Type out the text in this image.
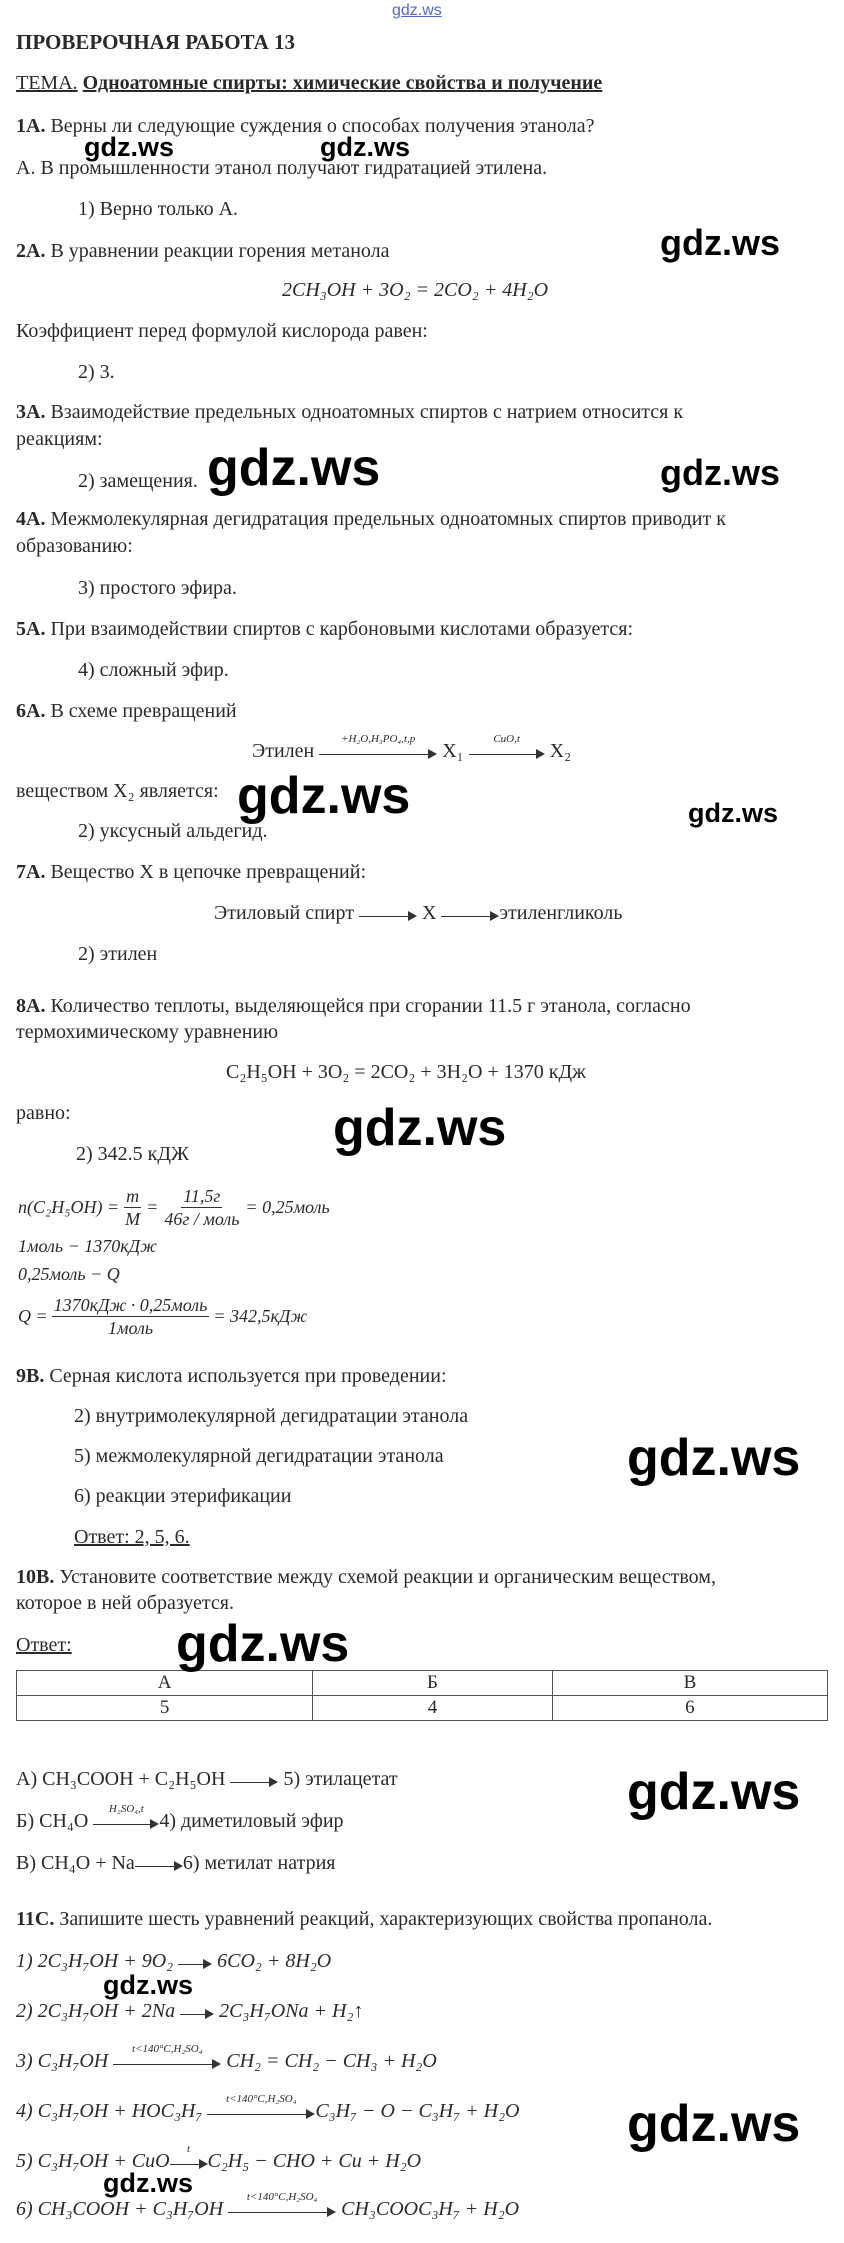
gdz.ws
ПРОВЕРОЧНАЯ РАБОТА 13
ТЕМА. Одноатомные спирты: химические свойства и получение
1А. Верны ли следующие суждения о способах получения этанола?
А. В промышленности этанол получают гидратацией этилена.
1) Верно только А.
2А. В уравнении реакции горения метанола
2CH₃OH + 3O₂ = 2CO₂ + 4H₂O
Коэффициент перед формулой кислорода равен:
2) 3.
3А. Взаимодействие предельных одноатомных спиртов с натрием относится к
реакциям:
2) замещения.
4А. Межмолекулярная дегидратация предельных одноатомных спиртов приводит к
образованию:
3) простого эфира.
5А. При взаимодействии спиртов с карбоновыми кислотами образуется:
4) сложный эфир.
6А. В схеме превращений
Этилен
+H₂O,H₃PO₄,t,p
X₁
CuO,t
X₂
веществом X₂ является:
2) уксусный альдегид.
7А. Вещество X в цепочке превращений:
Этиловый спирт	X	этиленгликоль
2) этилен
8А. Количество теплоты, выделяющейся при сгорании 11.5 г этанола, согласно
термохимическому уравнению
C₂H₅OH + 3O₂ = 2CO₂ + 3H₂O + 1370 кДж
равно:
2) 342.5 кДЖ
$n(C_2H_5OH) = \frac{m}{M} = \frac{11,5г}{\text{46г / моль}}$ = 0,25моль
1моль − 1370кДж
0,25моль − Q
$Q = \frac{\text{1370кДж · 0,25моль}}{\text{1моль}} = 342,5кДж$
9В. Серная кислота используется при проведении:
2) внутримолекулярной дегидратации этанола
5) межмолекулярной дегидратации этанола
6) реакции этерификации
Ответ: 2, 5, 6.
10В. Установите соответствие между схемой реакции и органическим веществом,
которое в ней образуется.
Ответ:
А	Б	В
5	4	6
А) CH₃COOH + C₂H₅OH	5) этилацетат
Б) CH₄O
H₂SO₄,t
4) диметиловый эфир
В) CH₄O + Na 6) метилат натрия
11С. Запишите шесть уравнений реакций, характеризующих свойства пропанола.
1) 2C₃H₇OH + 9O₂ 6CO₂ + 8H₂O
2) 2C₃H₇OH + 2Na 2C₃H₇ONa + H₂↑
3) C₃H₇OH
t<140°C,H₂SO₄
CH₂ = CH₂ − CH₃ + H₂O
4) C₃H₇OH + HOC₃H₇
t<140°C,H₂SO₄
C₃H₇ − O − C₃H₇ + H₂O
5) C₃H₇OH + CuO
t
C₂H₅ − CHO + Cu + H₂O
6) CH₃COOH + C₃H₇OH
t<140°C,H₂SO₄
CH₃COOC₃H₇ + H₂O
gdz.ws	gdz.ws
gdz.ws
gdz.ws	gdz.ws
gdz.ws	gdz.ws
gdz.ws
gdz.ws
gdz.ws
gdz.ws
gdz.ws
gdz.ws
gdz.ws
